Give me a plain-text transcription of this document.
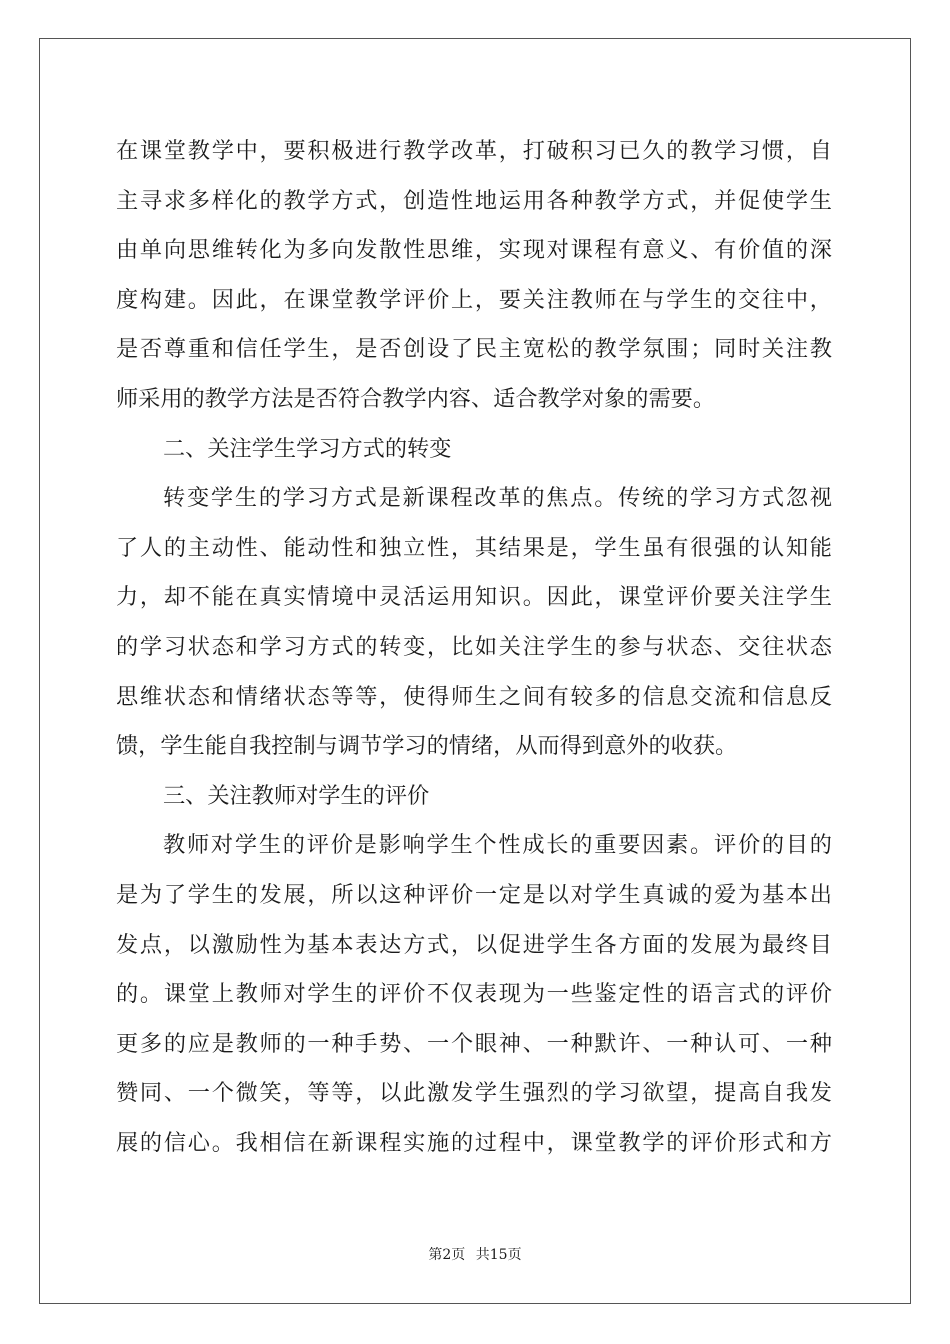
在课堂教学中，要积极进行教学改革，打破积习已久的教学习惯，自
主寻求多样化的教学方式，创造性地运用各种教学方式，并促使学生
由单向思维转化为多向发散性思维，实现对课程有意义、有价值的深
度构建。因此，在课堂教学评价上，要关注教师在与学生的交往中，
是否尊重和信任学生，是否创设了民主宽松的教学氛围；同时关注教
师采用的教学方法是否符合教学内容、适合教学对象的需要。
二、关注学生学习方式的转变
转变学生的学习方式是新课程改革的焦点。传统的学习方式忽视
了人的主动性、能动性和独立性，其结果是，学生虽有很强的认知能
力，却不能在真实情境中灵活运用知识。因此，课堂评价要关注学生
的学习状态和学习方式的转变，比如关注学生的参与状态、交往状态
思维状态和情绪状态等等，使得师生之间有较多的信息交流和信息反
馈，学生能自我控制与调节学习的情绪，从而得到意外的收获。
三、关注教师对学生的评价
教师对学生的评价是影响学生个性成长的重要因素。评价的目的
是为了学生的发展，所以这种评价一定是以对学生真诚的爱为基本出
发点，以激励性为基本表达方式，以促进学生各方面的发展为最终目
的。课堂上教师对学生的评价不仅表现为一些鉴定性的语言式的评价
更多的应是教师的一种手势、一个眼神、一种默许、一种认可、一种
赞同、一个微笑，等等，以此激发学生强烈的学习欲望，提高自我发
展的信心。我相信在新课程实施的过程中，课堂教学的评价形式和方
第2页 共15页
